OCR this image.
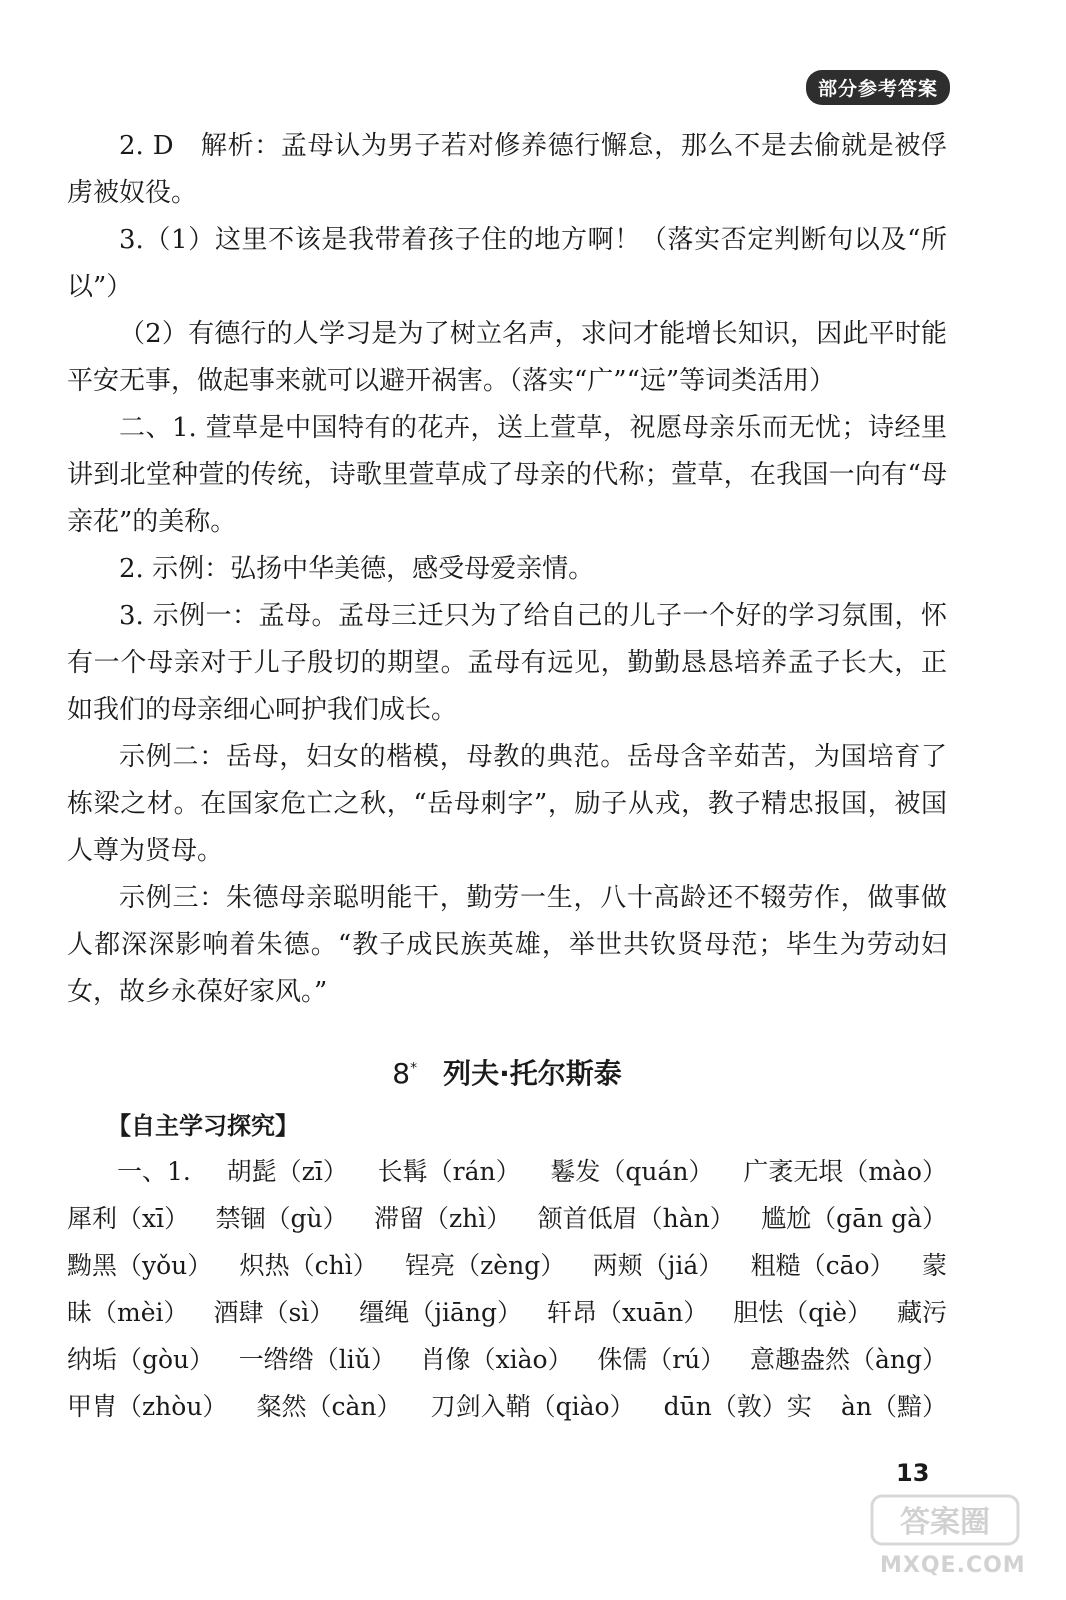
部分参考答案

2. D　解析：孟母认为男子若对修养德行懈怠，那么不是去偷就是被俘虏被奴役。

3.（1）这里不该是我带着孩子住的地方啊！（落实否定判断句以及“所以”）

（2）有德行的人学习是为了树立名声，求问才能增长知识，因此平时能平安无事，做起事来就可以避开祸害。（落实“广”“远”等词类活用）

二、1. 萱草是中国特有的花卉，送上萱草，祝愿母亲乐而无忧；诗经里讲到北堂种萱的传统，诗歌里萱草成了母亲的代称；萱草，在我国一向有“母亲花”的美称。

2. 示例：弘扬中华美德，感受母爱亲情。

3. 示例一：孟母。孟母三迁只为了给自己的儿子一个好的学习氛围，怀有一个母亲对于儿子殷切的期望。孟母有远见，勤勤恳恳培养孟子长大，正如我们的母亲细心呵护我们成长。

示例二：岳母，妇女的楷模，母教的典范。岳母含辛茹苦，为国培育了栋梁之材。在国家危亡之秋，“岳母刺字”，励子从戎，教子精忠报国，被国人尊为贤母。

示例三：朱德母亲聪明能干，勤劳一生，八十高龄还不辍劳作，做事做人都深深影响着朱德。“教子成民族英雄，举世共钦贤母范；毕生为劳动妇女，故乡永葆好家风。”

8* 列夫·托尔斯泰
【自主学习探究】

一、1. 胡髭（zī） 长髯（rán） 鬈发（quán） 广袤无垠（mào）

犀利（xī） 禁锢（gù） 滞留（zhì） 颔首低眉（hàn） 尴尬（gān gà）

黝黑（yǒu） 炽热（chì） 锃亮（zèng） 两颊（jiá） 粗糙（cāo） 蒙

昧（mèi） 酒肆（sì） 缰绳（jiāng） 轩昂（xuān） 胆怯（qiè） 藏污

纳垢（gòu） 一绺绺（liǔ） 肖像（xiào） 侏儒（rú） 意趣盎然（àng）

甲胄（zhòu） 粲然（càn） 刀剑入鞘（qiào） dūn（敦）实 àn（黯）

13
答案圈
MXQE.COM
